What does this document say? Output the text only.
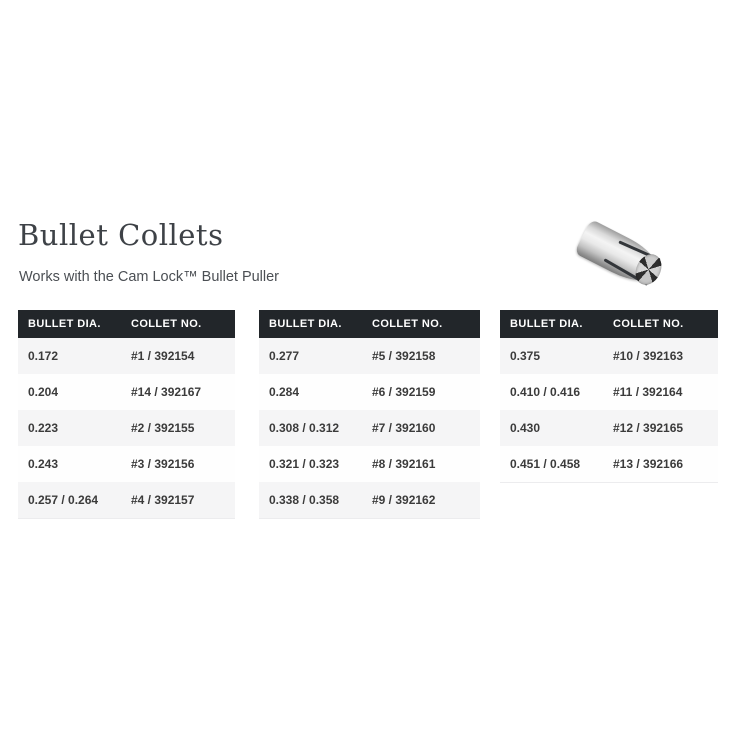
Bullet Collets

Works with the Cam Lock™ Bullet Puller

BULLET DIA.	COLLET NO.
0.172	#1 / 392154
0.204	#14 / 392167
0.223	#2 / 392155
0.243	#3 / 392156
0.257 / 0.264	#4 / 392157
BULLET DIA.	COLLET NO.
0.277	#5 / 392158
0.284	#6 / 392159
0.308 / 0.312	#7 / 392160
0.321 / 0.323	#8 / 392161
0.338 / 0.358	#9 / 392162
BULLET DIA.	COLLET NO.
0.375	#10 / 392163
0.410 / 0.416	#11 / 392164
0.430	#12 / 392165
0.451 / 0.458	#13 / 392166
